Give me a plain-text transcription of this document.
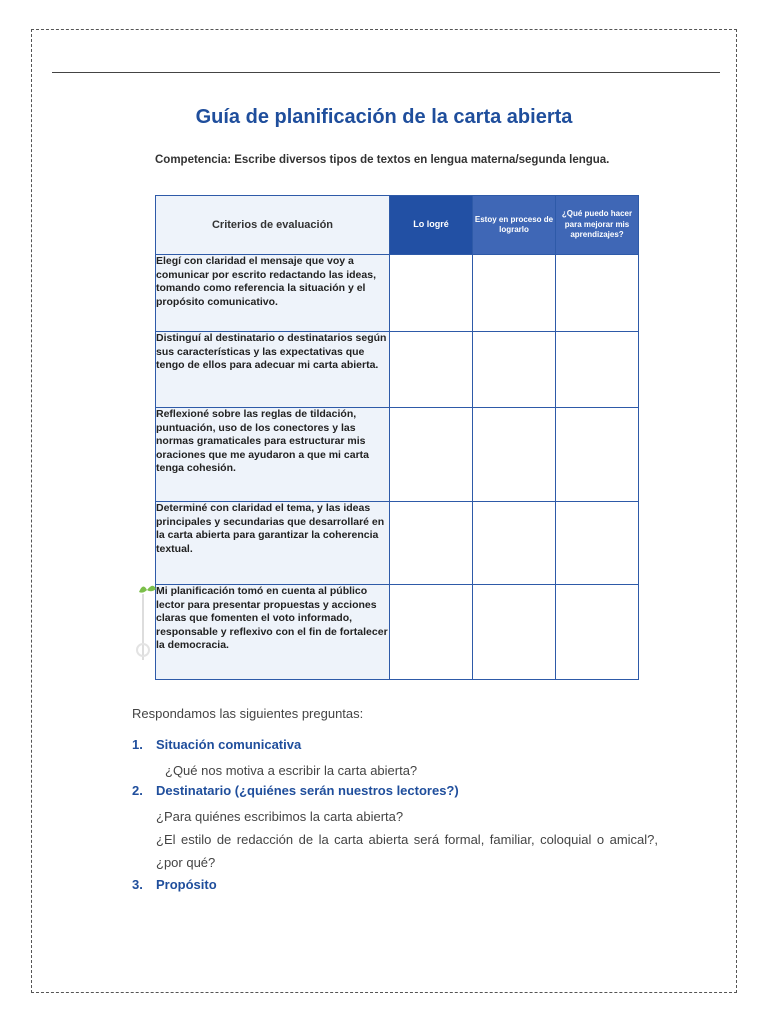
Guía de planificación de la carta abierta
Competencia: Escribe diversos tipos de textos en lengua materna/segunda lengua.
Criterios de evaluación	Lo logré	Estoy en proceso de lograrlo	¿Qué puedo hacer para mejorar mis aprendizajes?
Elegí con claridad el mensaje que voy a comunicar por escrito redactando las ideas, tomando como referencia la situación y el propósito comunicativo.			
Distinguí al destinatario o destinatarios según sus características y las expectativas que tengo de ellos para adecuar mi carta abierta.			
Reflexioné sobre las reglas de tildación, puntuación, uso de los conectores y las normas gramaticales para estructurar mis oraciones que me ayudaron a que mi carta tenga cohesión.			
Determiné con claridad el tema, y las ideas principales y secundarias que desarrollaré en la carta abierta para garantizar la coherencia textual.			
Mi planificación tomó en cuenta al público lector para presentar propuestas y acciones claras que fomenten el voto informado, responsable y reflexivo con el fin de fortalecer la democracia.			
Respondamos las siguientes preguntas:
1. Situación comunicativa
¿Qué nos motiva a escribir la carta abierta?
2. Destinatario (¿quiénes serán nuestros lectores?)
¿Para quiénes escribimos la carta abierta?
¿El estilo de redacción de la carta abierta será formal, familiar, coloquial o amical?, ¿por qué?
3. Propósito
